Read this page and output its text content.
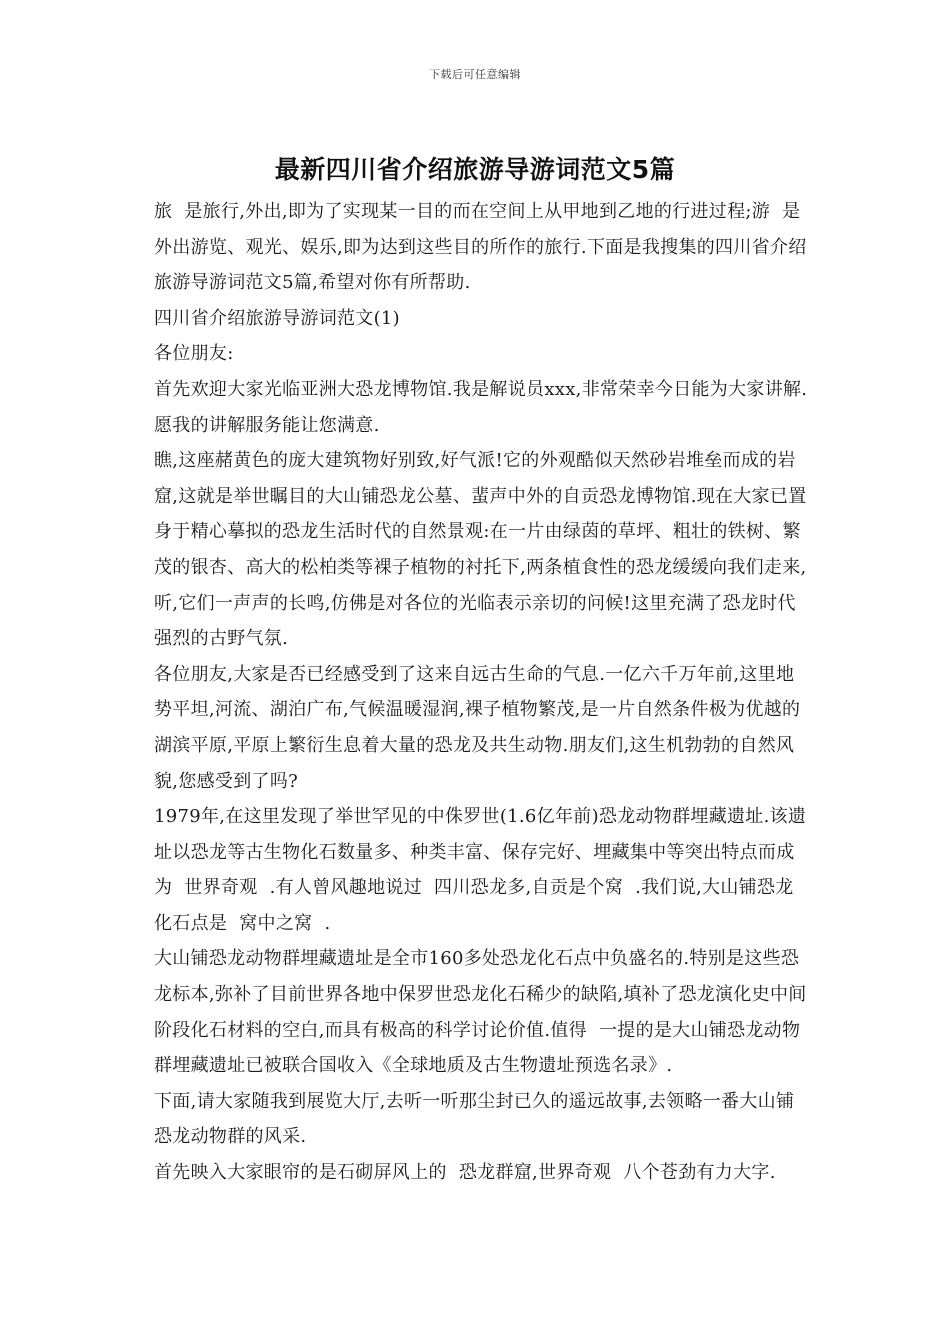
下载后可任意编辑
最新四川省介绍旅游导游词范文5篇

旅  是旅行,外出,即为了实现某一目的而在空间上从甲地到乙地的行进过程;游  是外出游览、观光、娱乐,即为达到这些目的所作的旅行.下面是我搜集的四川省介绍旅游导游词范文5篇,希望对你有所帮助.

四川省介绍旅游导游词范文(1)

各位朋友:

首先欢迎大家光临亚洲大恐龙博物馆.我是解说员xxx,非常荣幸今日能为大家讲解.愿我的讲解服务能让您满意.

瞧,这座赭黄色的庞大建筑物好别致,好气派!它的外观酷似天然砂岩堆垒而成的岩窟,这就是举世瞩目的大山铺恐龙公墓、蜚声中外的自贡恐龙博物馆.现在大家已置身于精心摹拟的恐龙生活时代的自然景观:在一片由绿茵的草坪、粗壮的铁树、繁茂的银杏、高大的松柏类等裸子植物的衬托下,两条植食性的恐龙缓缓向我们走来,听,它们一声声的长鸣,仿佛是对各位的光临表示亲切的问候!这里充满了恐龙时代强烈的古野气氛.

各位朋友,大家是否已经感受到了这来自远古生命的气息.一亿六千万年前,这里地势平坦,河流、湖泊广布,气候温暖湿润,裸子植物繁茂,是一片自然条件极为优越的湖滨平原,平原上繁衍生息着大量的恐龙及共生动物.朋友们,这生机勃勃的自然风貌,您感受到了吗?

1979年,在这里发现了举世罕见的中侏罗世(1.6亿年前)恐龙动物群埋藏遗址.该遗址以恐龙等古生物化石数量多、种类丰富、保存完好、埋藏集中等突出特点而成为  世界奇观  .有人曾风趣地说过  四川恐龙多,自贡是个窝  .我们说,大山铺恐龙化石点是  窝中之窝  .

大山铺恐龙动物群埋藏遗址是全市160多处恐龙化石点中负盛名的.特别是这些恐龙标本,弥补了目前世界各地中保罗世恐龙化石稀少的缺陷,填补了恐龙演化史中间阶段化石材料的空白,而具有极高的科学讨论价值.值得  一提的是大山铺恐龙动物群埋藏遗址已被联合国收入《全球地质及古生物遗址预选名录》.

下面,请大家随我到展览大厅,去听一听那尘封已久的遥远故事,去领略一番大山铺恐龙动物群的风采.

首先映入大家眼帘的是石砌屏风上的  恐龙群窟,世界奇观  八个苍劲有力大字.
